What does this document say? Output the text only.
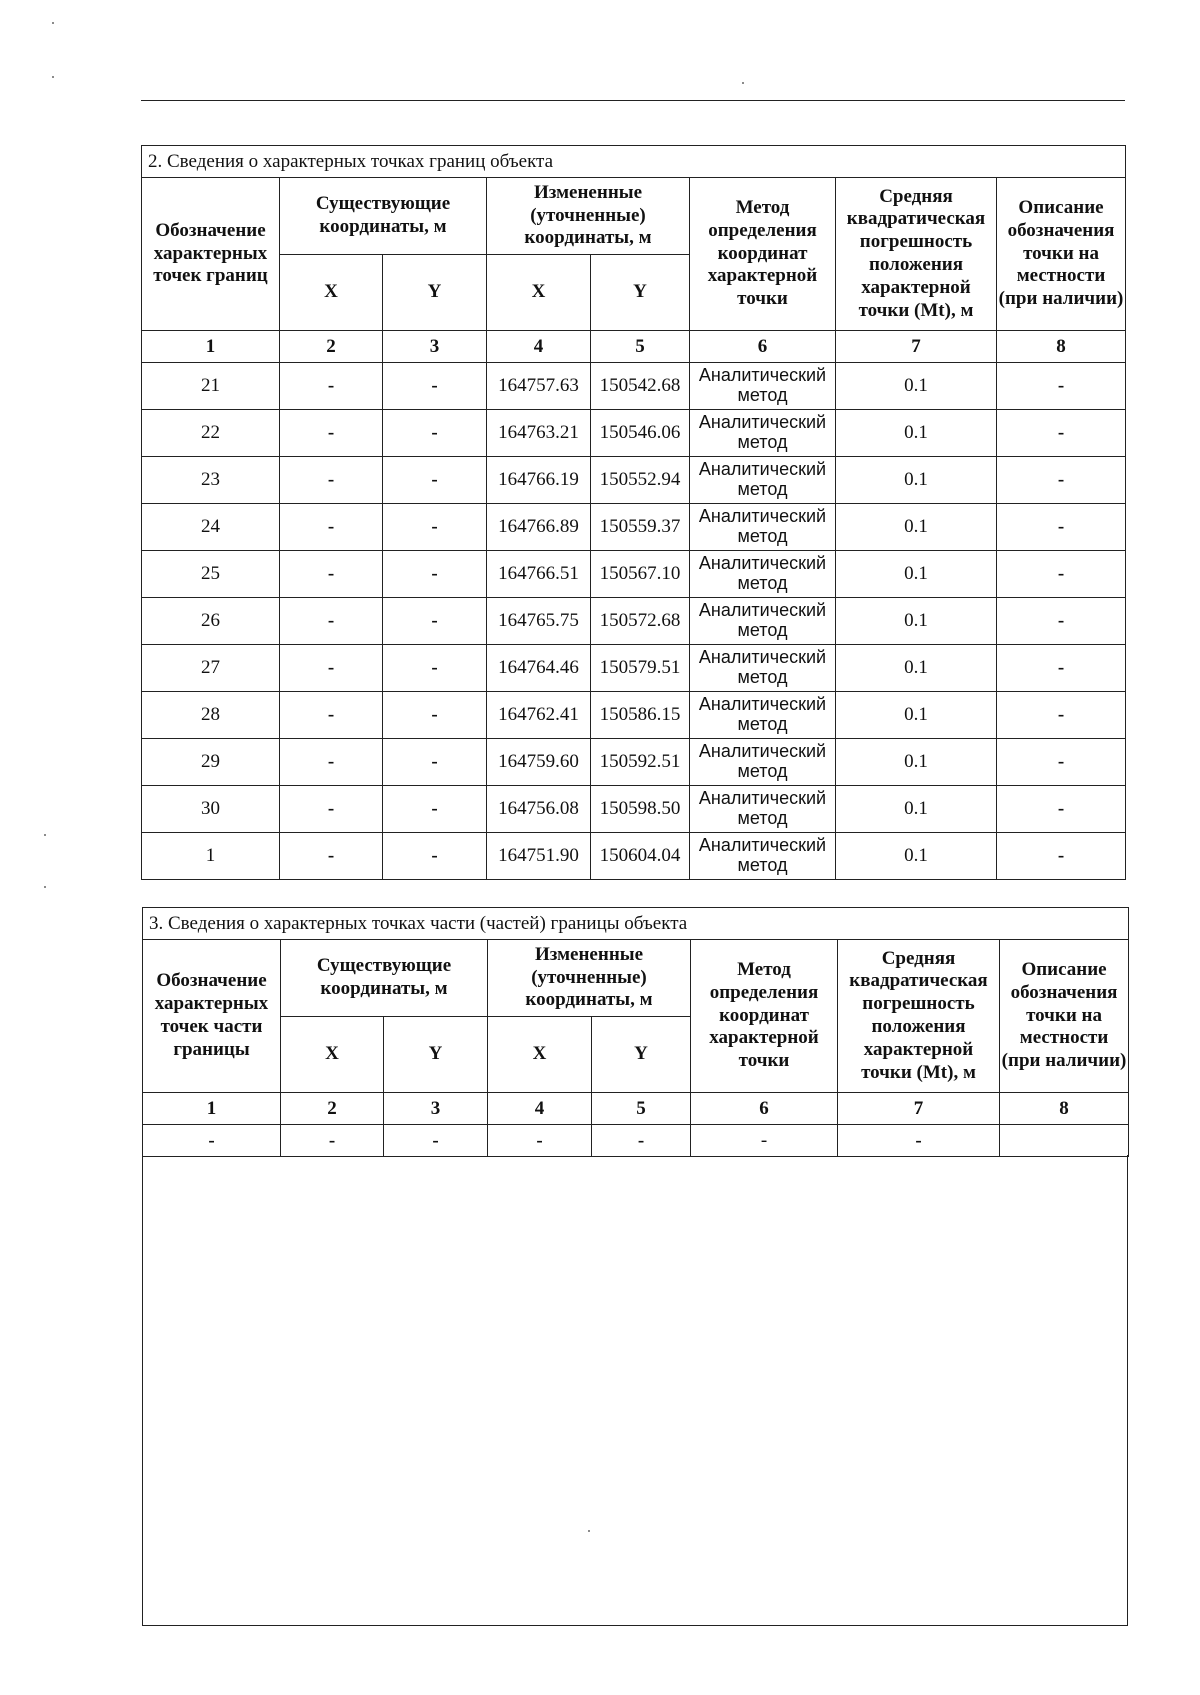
2. Сведения о характерных точках границ объекта							
Обозначение характерных точек границ	Существующие координаты, м		Измененные (уточненные) координаты, м		Метод определения координат характерной точки	Средняя квадратическая погрешность положения характерной точки (Mt), м	Описание обозначения точки на местности (при наличии)
	X	Y	X	Y			
1	2	3	4	5	6	7	8
21	-	-	164757.63	150542.68	Аналитический метод	0.1	-
22	-	-	164763.21	150546.06	Аналитический метод	0.1	-
23	-	-	164766.19	150552.94	Аналитический метод	0.1	-
24	-	-	164766.89	150559.37	Аналитический метод	0.1	-
25	-	-	164766.51	150567.10	Аналитический метод	0.1	-
26	-	-	164765.75	150572.68	Аналитический метод	0.1	-
27	-	-	164764.46	150579.51	Аналитический метод	0.1	-
28	-	-	164762.41	150586.15	Аналитический метод	0.1	-
29	-	-	164759.60	150592.51	Аналитический метод	0.1	-
30	-	-	164756.08	150598.50	Аналитический метод	0.1	-
1	-	-	164751.90	150604.04	Аналитический метод	0.1	-
3. Сведения о характерных точках части (частей) границы объекта							
Обозначение характерных точек части границы	Существующие координаты, м		Измененные (уточненные) координаты, м		Метод определения координат характерной точки	Средняя квадратическая погрешность положения характерной точки (Mt), м	Описание обозначения точки на местности (при наличии)
	X	Y	X	Y			
1	2	3	4	5	6	7	8
-	-	-	-	-	-	-	
